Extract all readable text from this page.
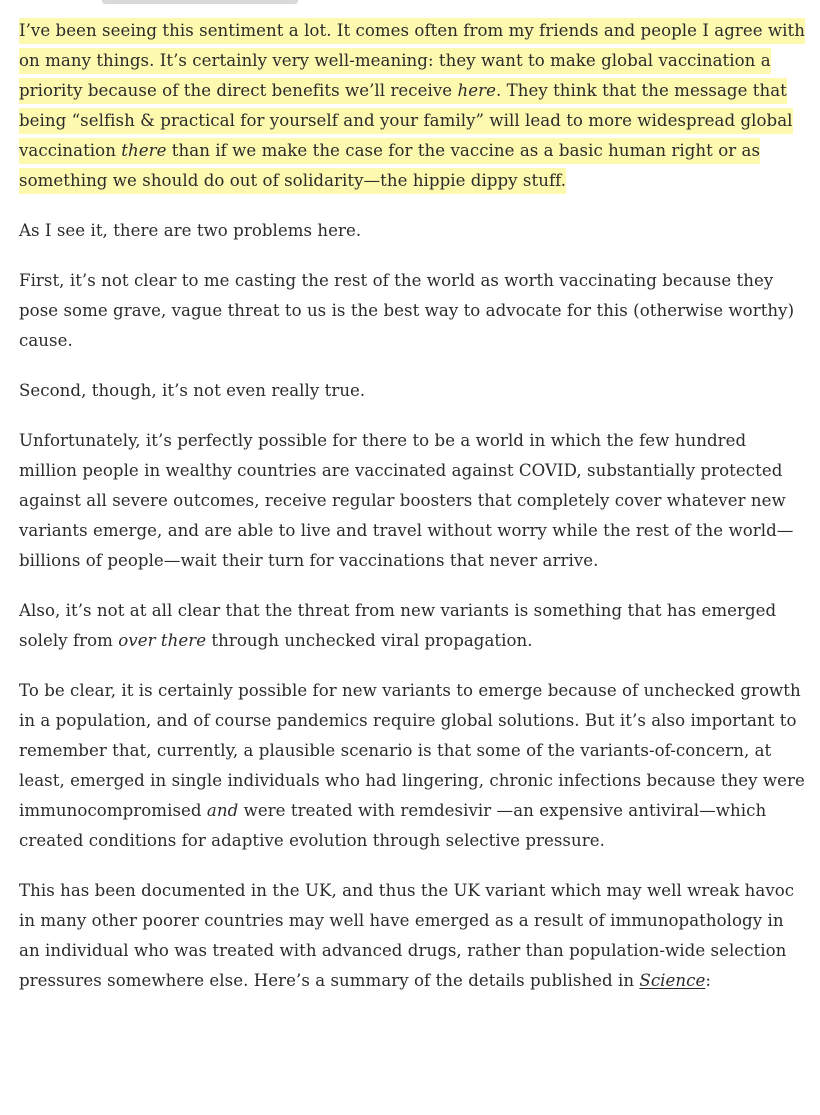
I’ve been seeing this sentiment a lot. It comes often from my friends and people I agree with on many things. It’s certainly very well-meaning: they want to make global vaccination a priority because of the direct benefits we’ll receive here. They think that the message that being “selfish & practical for yourself and your family” will lead to more widespread global vaccination there than if we make the case for the vaccine as a basic human right or as something we should do out of solidarity—the hippie dippy stuff.

As I see it, there are two problems here.

First, it’s not clear to me casting the rest of the world as worth vaccinating because they pose some grave, vague threat to us is the best way to advocate for this (otherwise worthy) cause.

Second, though, it’s not even really true.

Unfortunately, it’s perfectly possible for there to be a world in which the few hundred million people in wealthy countries are vaccinated against COVID, substantially protected against all severe outcomes, receive regular boosters that completely cover whatever new variants emerge, and are able to live and travel without worry while the rest of the world—billions of people—wait their turn for vaccinations that never arrive.

Also, it’s not at all clear that the threat from new variants is something that has emerged solely from over there through unchecked viral propagation.

To be clear, it is certainly possible for new variants to emerge because of unchecked growth in a population, and of course pandemics require global solutions. But it’s also important to remember that, currently, a plausible scenario is that some of the variants-of-concern, at least, emerged in single individuals who had lingering, chronic infections because they were immunocompromised and were treated with remdesivir —an expensive antiviral—which created conditions for adaptive evolution through selective pressure.

This has been documented in the UK, and thus the UK variant which may well wreak havoc in many other poorer countries may well have emerged as a result of immunopathology in an individual who was treated with advanced drugs, rather than population-wide selection pressures somewhere else. Here’s a summary of the details published in Science:
